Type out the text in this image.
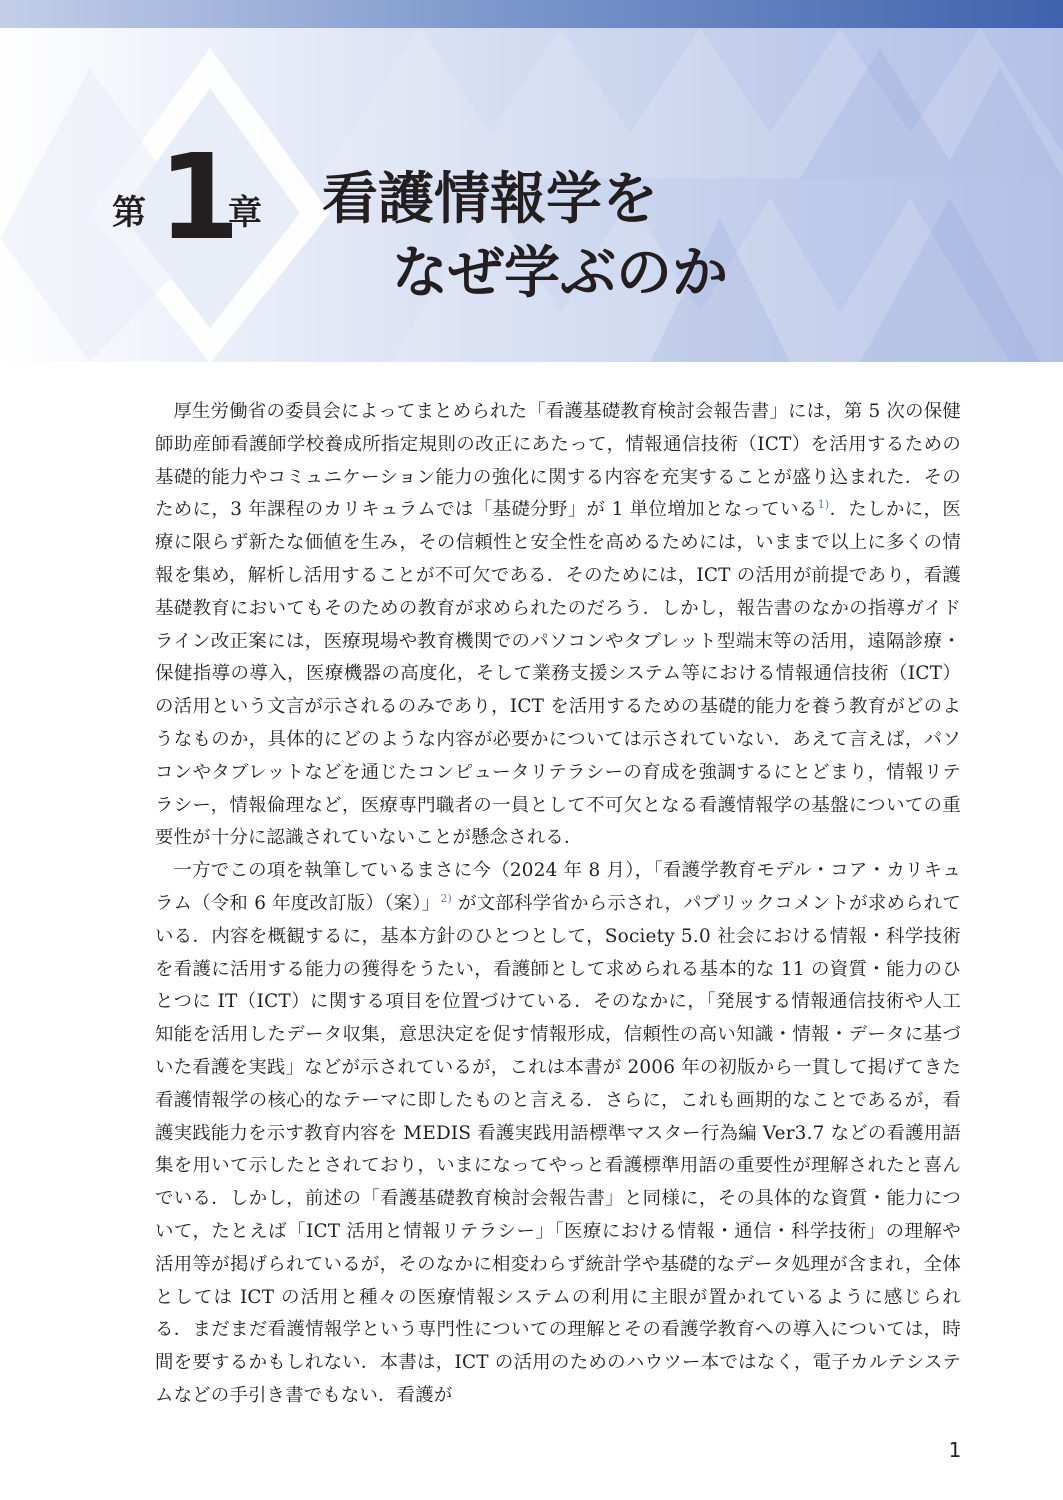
第 1
章 看護情報学を
なぜ学ぶのか

厚生労働省の委員会によってまとめられた「看護基礎教育検討会報告書」には，第 5 次の保健師助産師看護師学校養成所指定規則の改正にあたって，情報通信技術（ICT）を活用するための基礎的能力やコミュニケーション能力の強化に関する内容を充実することが盛り込まれた．そのために，3 年課程のカリキュラムでは「基礎分野」が 1 単位増加となっている$^{1)}$．たしかに，医療に限らず新たな価値を生み，その信頼性と安全性を高めるためには，いままで以上に多くの情報を集め，解析し活用することが不可欠である．そのためには，ICT の活用が前提であり，看護基礎教育においてもそのための教育が求められたのだろう．しかし，報告書のなかの指導ガイドライン改正案には，医療現場や教育機関でのパソコンやタブレット型端末等の活用，遠隔診療・保健指導の導入，医療機器の高度化，そして業務支援システム等における情報通信技術（ICT）の活用という文言が示されるのみであり，ICT を活用するための基礎的能力を養う教育がどのようなものか，具体的にどのような内容が必要かについては示されていない．あえて言えば，パソコンやタブレットなどを通じたコンピュータリテラシーの育成を強調するにとどまり，情報リテラシー，情報倫理など，医療専門職者の一員として不可欠となる看護情報学の基盤についての重要性が十分に認識されていないことが懸念される．

一方でこの項を執筆しているまさに今（2024 年 8 月），「看護学教育モデル・コア・カリキュラム（令和 6 年度改訂版）（案）」$^{2)}$ が文部科学省から示され，パブリックコメントが求められている．内容を概観するに，基本方針のひとつとして，Society 5.0 社会における情報・科学技術を看護に活用する能力の獲得をうたい，看護師として求められる基本的な 11 の資質・能力のひとつに IT（ICT）に関する項目を位置づけている．そのなかに，「発展する情報通信技術や人工知能を活用したデータ収集，意思決定を促す情報形成，信頼性の高い知識・情報・データに基づいた看護を実践」などが示されているが，これは本書が 2006 年の初版から一貫して掲げてきた看護情報学の核心的なテーマに即したものと言える．さらに，これも画期的なことであるが，看護実践能力を示す教育内容を MEDIS 看護実践用語標準マスター行為編 Ver3.7 などの看護用語集を用いて示したとされており，いまになってやっと看護標準用語の重要性が理解されたと喜んでいる．しかし，前述の「看護基礎教育検討会報告書」と同様に，その具体的な資質・能力について，たとえば「ICT 活用と情報リテラシー」「医療における情報・通信・科学技術」の理解や活用等が掲げられているが，そのなかに相変わらず統計学や基礎的なデータ処理が含まれ，全体としては ICT の活用と種々の医療情報システムの利用に主眼が置かれているように感じられる．まだまだ看護情報学という専門性についての理解とその看護学教育への導入については，時間を要するかもしれない．本書は，ICT の活用のためのハウツー本ではなく，電子カルテシステムなどの手引き書でもない．看護が

1
